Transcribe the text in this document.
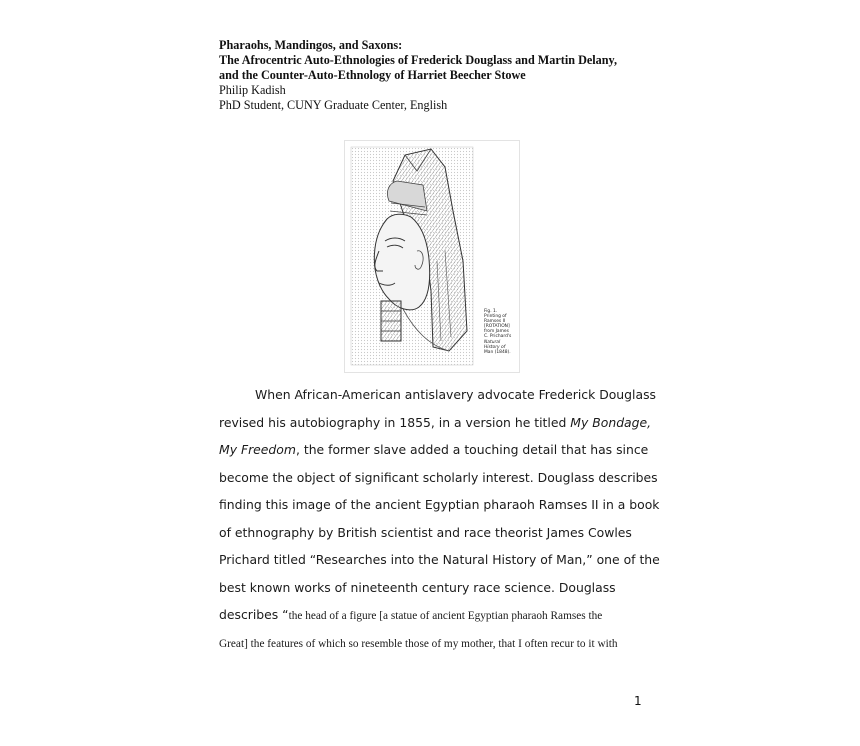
Pharaohs, Mandingos, and Saxons:
The Afrocentric Auto-Ethnologies of Frederick Douglass and Martin Delany,
and the Counter-Auto-Ethnology of Harriet Beecher Stowe
Philip Kadish
PhD Student, CUNY Graduate Center, English
Fig. 1.
Printing of
Ramses II
[ROTATION]
from James
C. Prichard's
Natural
History of
Man (1848).
When African-American antislavery advocate Frederick Douglass
revised his autobiography in 1855, in a version he titled My Bondage,
My Freedom, the former slave added a touching detail that has since
become the object of significant scholarly interest. Douglass describes
finding this image of the ancient Egyptian pharaoh Ramses II in a book
of ethnography by British scientist and race theorist James Cowles
Prichard titled “Researches into the Natural History of Man,” one of the
best known works of nineteenth century race science. Douglass
describes “the head of a figure [a statue of ancient Egyptian pharaoh Ramses the
Great] the features of which so resemble those of my mother, that I often recur to it with
1
